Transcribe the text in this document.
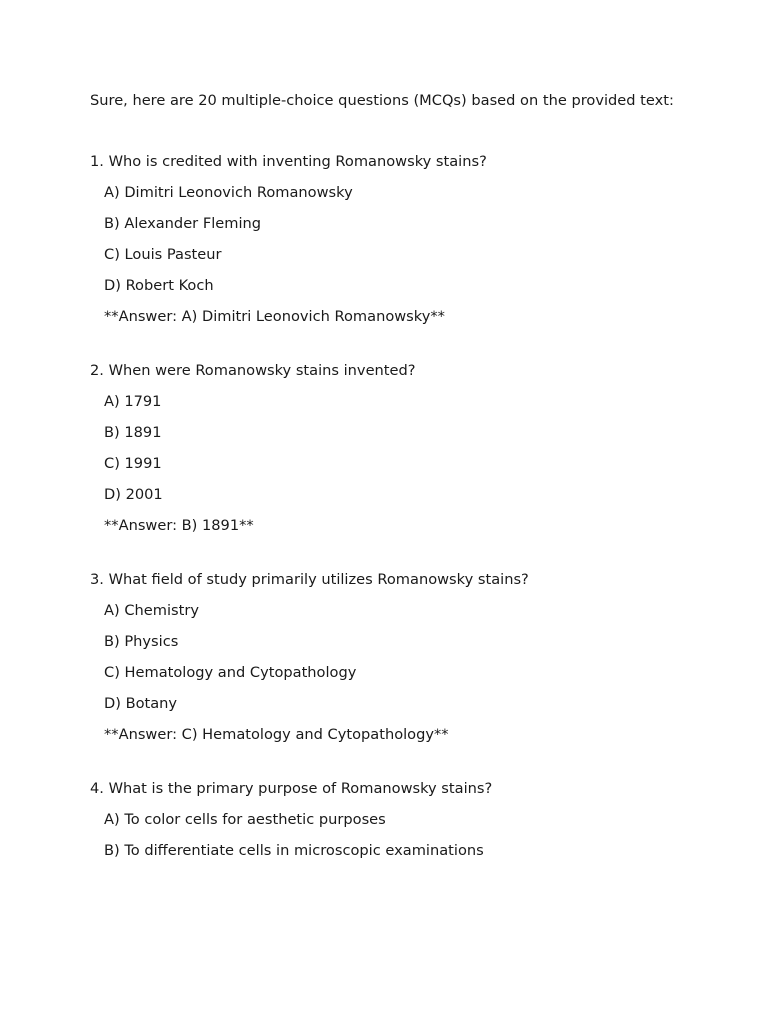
Sure, here are 20 multiple-choice questions (MCQs) based on the provided text:

1. Who is credited with inventing Romanowsky stains?

A) Dimitri Leonovich Romanowsky

B) Alexander Fleming

C) Louis Pasteur

D) Robert Koch

**Answer: A) Dimitri Leonovich Romanowsky**

2. When were Romanowsky stains invented?

A) 1791

B) 1891

C) 1991

D) 2001

**Answer: B) 1891**

3. What field of study primarily utilizes Romanowsky stains?

A) Chemistry

B) Physics

C) Hematology and Cytopathology

D) Botany

**Answer: C) Hematology and Cytopathology**

4. What is the primary purpose of Romanowsky stains?

A) To color cells for aesthetic purposes

B) To differentiate cells in microscopic examinations
